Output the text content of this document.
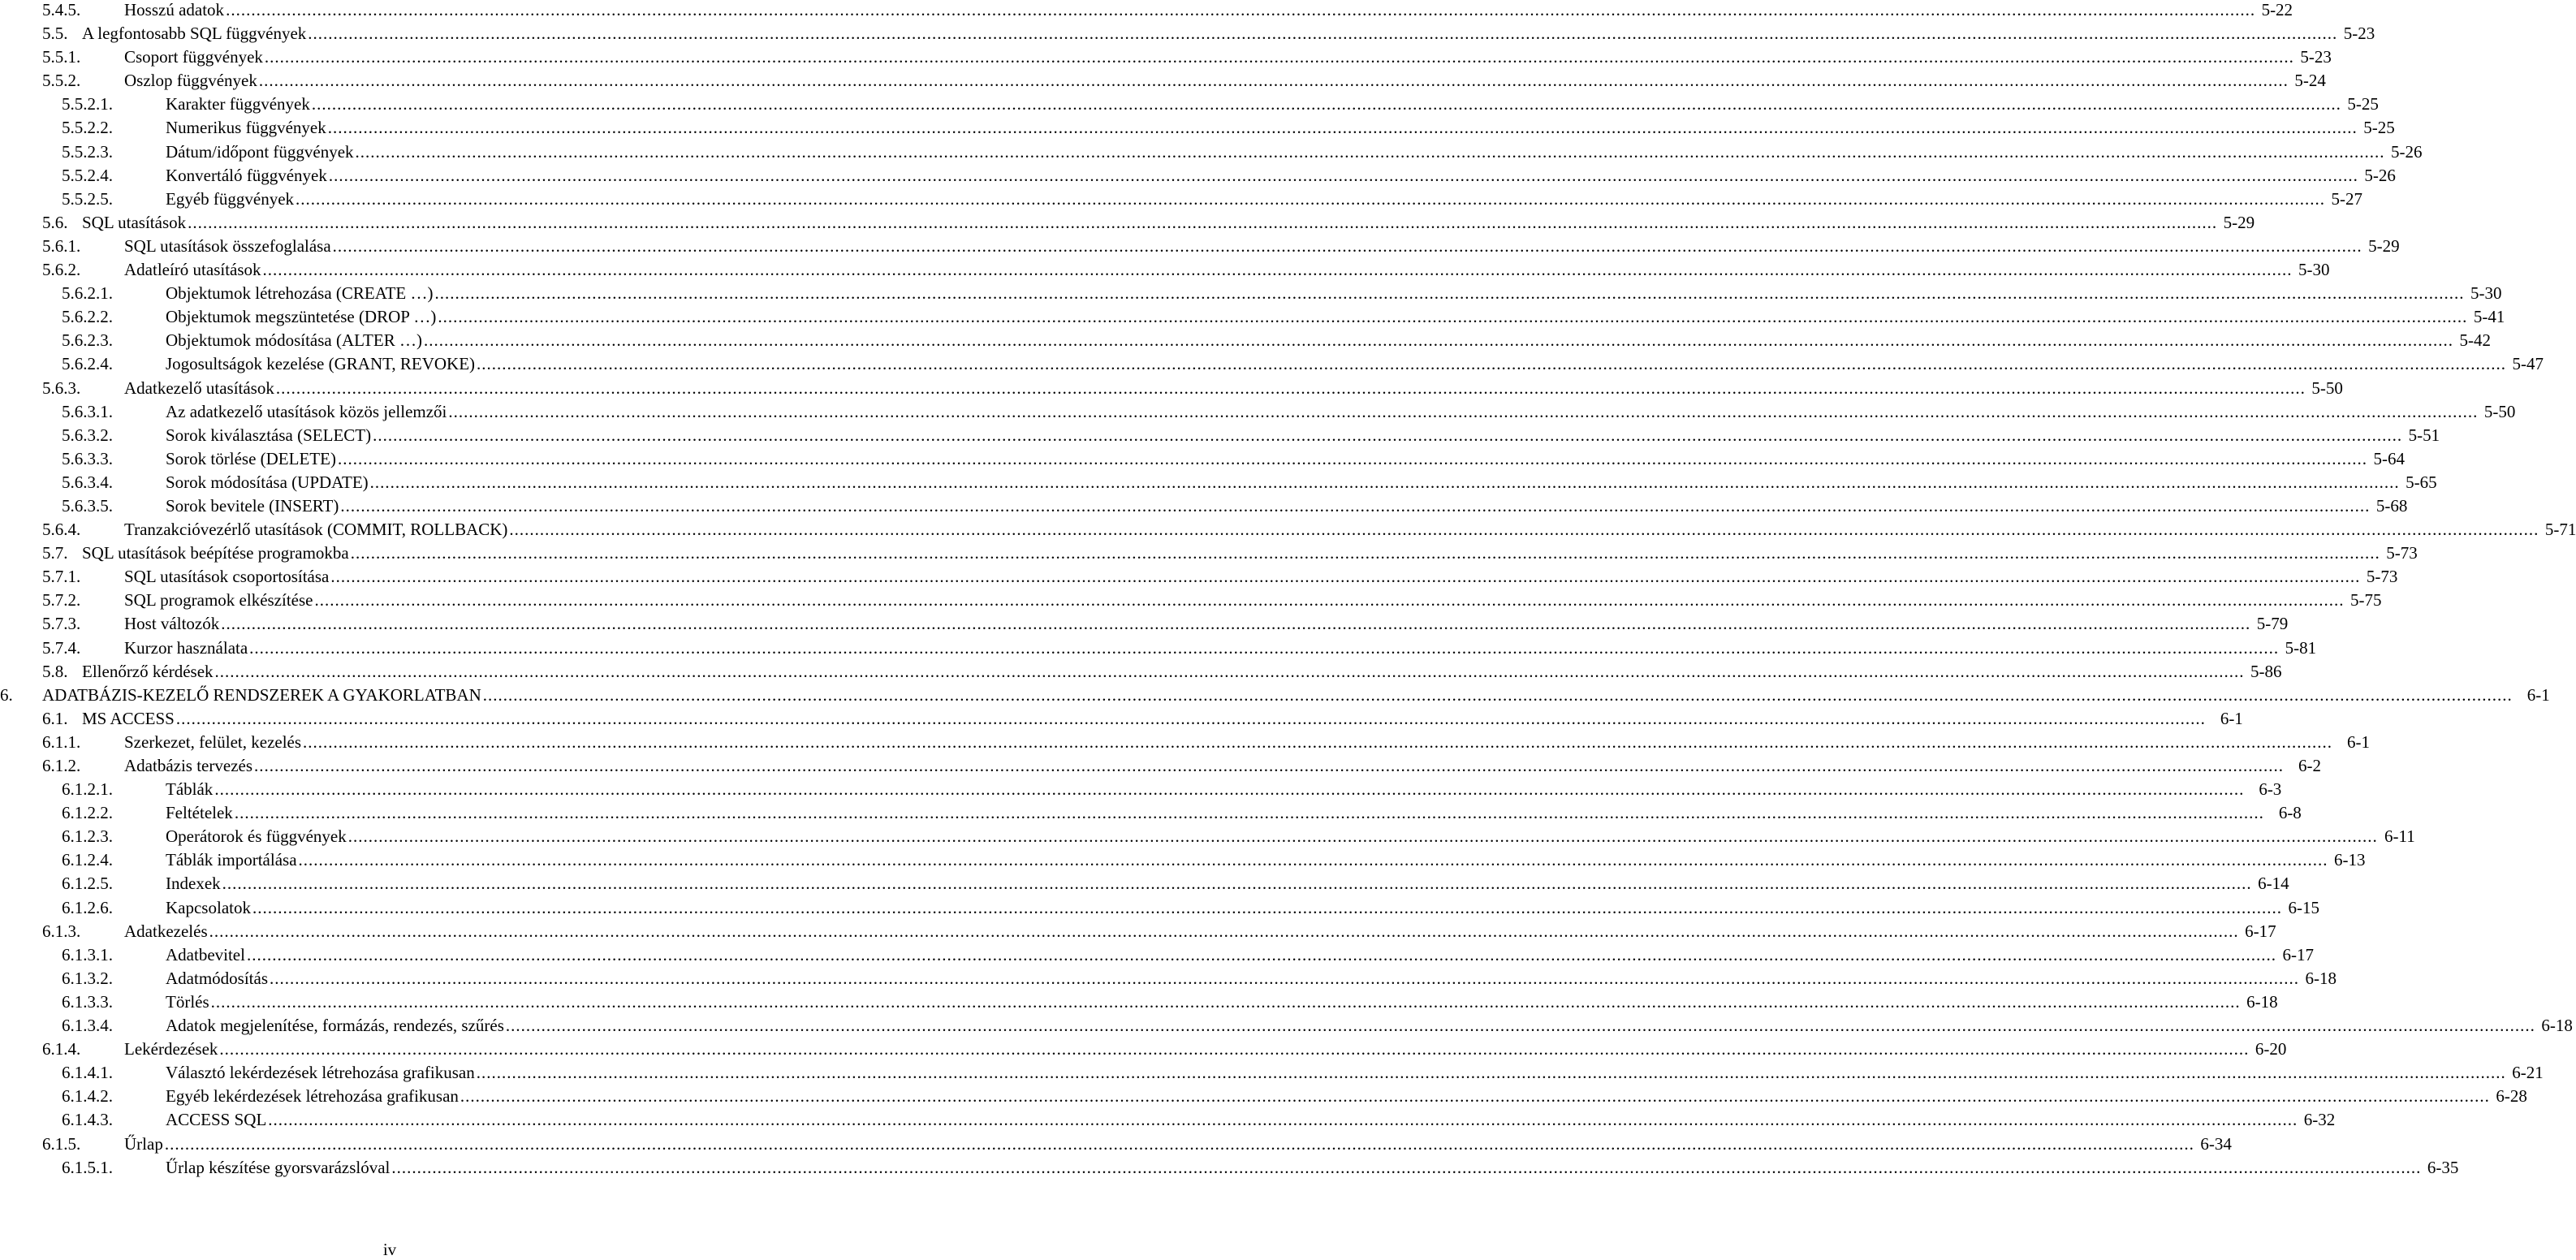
5.4.5.	Hosszú adatok ................................................................................................................................................................................................................................................................................................................................................................................................................ 5-22
5.5. A legfontosabb SQL függvények ................................................................................................................................................................................................................................................................................................................................................................................................................ 5-23
5.5.1.	Csoport függvények ................................................................................................................................................................................................................................................................................................................................................................................................................ 5-23
5.5.2.	Oszlop függvények ................................................................................................................................................................................................................................................................................................................................................................................................................ 5-24
5.5.2.1.	Karakter függvények ................................................................................................................................................................................................................................................................................................................................................................................................................ 5-25
5.5.2.2.	Numerikus függvények ................................................................................................................................................................................................................................................................................................................................................................................................................ 5-25
5.5.2.3.	Dátum/időpont függvények ................................................................................................................................................................................................................................................................................................................................................................................................................ 5-26
5.5.2.4.	Konvertáló függvények ................................................................................................................................................................................................................................................................................................................................................................................................................ 5-26
5.5.2.5.	Egyéb függvények ................................................................................................................................................................................................................................................................................................................................................................................................................ 5-27
5.6. SQL utasítások ................................................................................................................................................................................................................................................................................................................................................................................................................ 5-29
5.6.1.	SQL utasítások összefoglalása ................................................................................................................................................................................................................................................................................................................................................................................................................ 5-29
5.6.2.	Adatleíró utasítások ................................................................................................................................................................................................................................................................................................................................................................................................................ 5-30
5.6.2.1.	Objektumok létrehozása (CREATE …) ................................................................................................................................................................................................................................................................................................................................................................................................................ 5-30
5.6.2.2.	Objektumok megszüntetése (DROP …) ................................................................................................................................................................................................................................................................................................................................................................................................................ 5-41
5.6.2.3.	Objektumok módosítása (ALTER …) ................................................................................................................................................................................................................................................................................................................................................................................................................ 5-42
5.6.2.4.	Jogosultságok kezelése (GRANT, REVOKE) ................................................................................................................................................................................................................................................................................................................................................................................................................ 5-47
5.6.3.	Adatkezelő utasítások ................................................................................................................................................................................................................................................................................................................................................................................................................ 5-50
5.6.3.1.	Az adatkezelő utasítások közös jellemzői ................................................................................................................................................................................................................................................................................................................................................................................................................ 5-50
5.6.3.2.	Sorok kiválasztása (SELECT) ................................................................................................................................................................................................................................................................................................................................................................................................................ 5-51
5.6.3.3.	Sorok törlése (DELETE) ................................................................................................................................................................................................................................................................................................................................................................................................................ 5-64
5.6.3.4.	Sorok módosítása (UPDATE) ................................................................................................................................................................................................................................................................................................................................................................................................................ 5-65
5.6.3.5.	Sorok bevitele (INSERT) ................................................................................................................................................................................................................................................................................................................................................................................................................ 5-68
5.6.4.	Tranzakcióvezérlő utasítások (COMMIT, ROLLBACK) ................................................................................................................................................................................................................................................................................................................................................................................................................ 5-71
5.7. SQL utasítások beépítése programokba ................................................................................................................................................................................................................................................................................................................................................................................................................ 5-73
5.7.1.	SQL utasítások csoportosítása ................................................................................................................................................................................................................................................................................................................................................................................................................ 5-73
5.7.2.	SQL programok elkészítése ................................................................................................................................................................................................................................................................................................................................................................................................................ 5-75
5.7.3.	Host változók ................................................................................................................................................................................................................................................................................................................................................................................................................ 5-79
5.7.4.	Kurzor használata ................................................................................................................................................................................................................................................................................................................................................................................................................ 5-81
5.8. Ellenőrző kérdések ................................................................................................................................................................................................................................................................................................................................................................................................................ 5-86
6. ADATBÁZIS-KEZELŐ RENDSZEREK A GYAKORLATBAN ................................................................................................................................................................................................................................................................................................................................................................................................................ 6-1
6.1. MS ACCESS ................................................................................................................................................................................................................................................................................................................................................................................................................ 6-1
6.1.1.	Szerkezet, felület, kezelés ................................................................................................................................................................................................................................................................................................................................................................................................................ 6-1
6.1.2.	Adatbázis tervezés ................................................................................................................................................................................................................................................................................................................................................................................................................ 6-2
6.1.2.1.	Táblák ................................................................................................................................................................................................................................................................................................................................................................................................................ 6-3
6.1.2.2.	Feltételek ................................................................................................................................................................................................................................................................................................................................................................................................................ 6-8
6.1.2.3.	Operátorok és függvények ................................................................................................................................................................................................................................................................................................................................................................................................................ 6-11
6.1.2.4.	Táblák importálása ................................................................................................................................................................................................................................................................................................................................................................................................................ 6-13
6.1.2.5.	Indexek ................................................................................................................................................................................................................................................................................................................................................................................................................ 6-14
6.1.2.6.	Kapcsolatok ................................................................................................................................................................................................................................................................................................................................................................................................................ 6-15
6.1.3.	Adatkezelés ................................................................................................................................................................................................................................................................................................................................................................................................................ 6-17
6.1.3.1.	Adatbevitel ................................................................................................................................................................................................................................................................................................................................................................................................................ 6-17
6.1.3.2.	Adatmódosítás ................................................................................................................................................................................................................................................................................................................................................................................................................ 6-18
6.1.3.3.	Törlés ................................................................................................................................................................................................................................................................................................................................................................................................................ 6-18
6.1.3.4.	Adatok megjelenítése, formázás, rendezés, szűrés ................................................................................................................................................................................................................................................................................................................................................................................................................ 6-18
6.1.4.	Lekérdezések ................................................................................................................................................................................................................................................................................................................................................................................................................ 6-20
6.1.4.1.	Választó lekérdezések létrehozása grafikusan ................................................................................................................................................................................................................................................................................................................................................................................................................ 6-21
6.1.4.2.	Egyéb lekérdezések létrehozása grafikusan ................................................................................................................................................................................................................................................................................................................................................................................................................ 6-28
6.1.4.3.	ACCESS SQL ................................................................................................................................................................................................................................................................................................................................................................................................................ 6-32
6.1.5.	Űrlap ................................................................................................................................................................................................................................................................................................................................................................................................................ 6-34
6.1.5.1.	Űrlap készítése gyorsvarázslóval ................................................................................................................................................................................................................................................................................................................................................................................................................ 6-35
iv
